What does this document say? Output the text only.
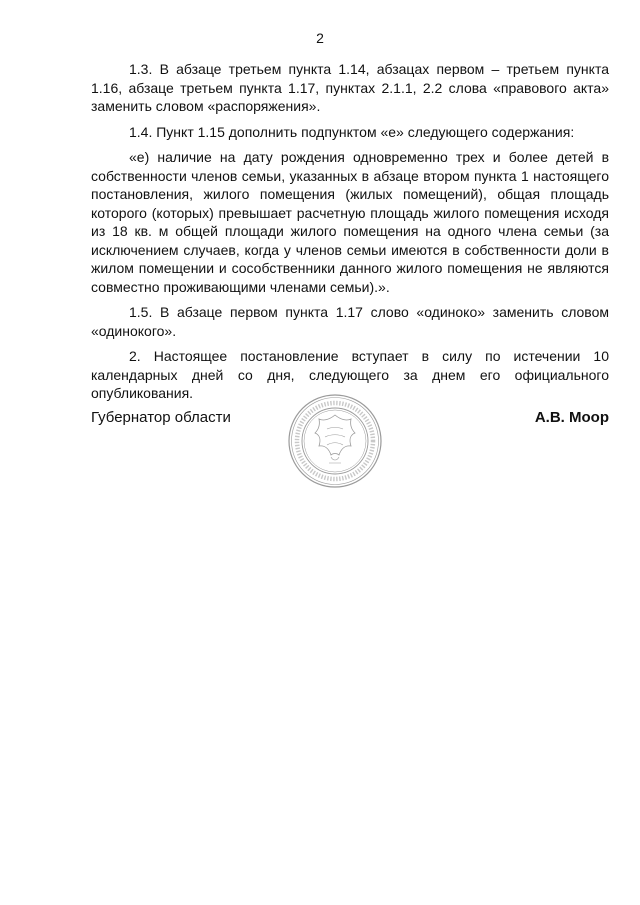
2

1.3. В абзаце третьем пункта 1.14, абзацах первом – третьем пункта 1.16, абзаце третьем пункта 1.17, пунктах 2.1.1, 2.2 слова «правового акта» заменить словом «распоряжения».

1.4. Пункт 1.15 дополнить подпунктом «е» следующего содержания:

«е) наличие на дату рождения одновременно трех и более детей в собственности членов семьи, указанных в абзаце втором пункта 1 настоящего постановления, жилого помещения (жилых помещений), общая площадь которого (которых) превышает расчетную площадь жилого помещения исходя из 18 кв. м общей площади жилого помещения на одного члена семьи (за исключением случаев, когда у членов семьи имеются в собственности доли в жилом помещении и сособственники данного жилого помещения не являются совместно проживающими членами семьи).».

1.5. В абзаце первом пункта 1.17 слово «одиноко» заменить словом «одинокого».

2. Настоящее постановление вступает в силу по истечении 10 календарных дней со дня, следующего за днем его официального опубликования.

Губернатор области	А.В. Моор
